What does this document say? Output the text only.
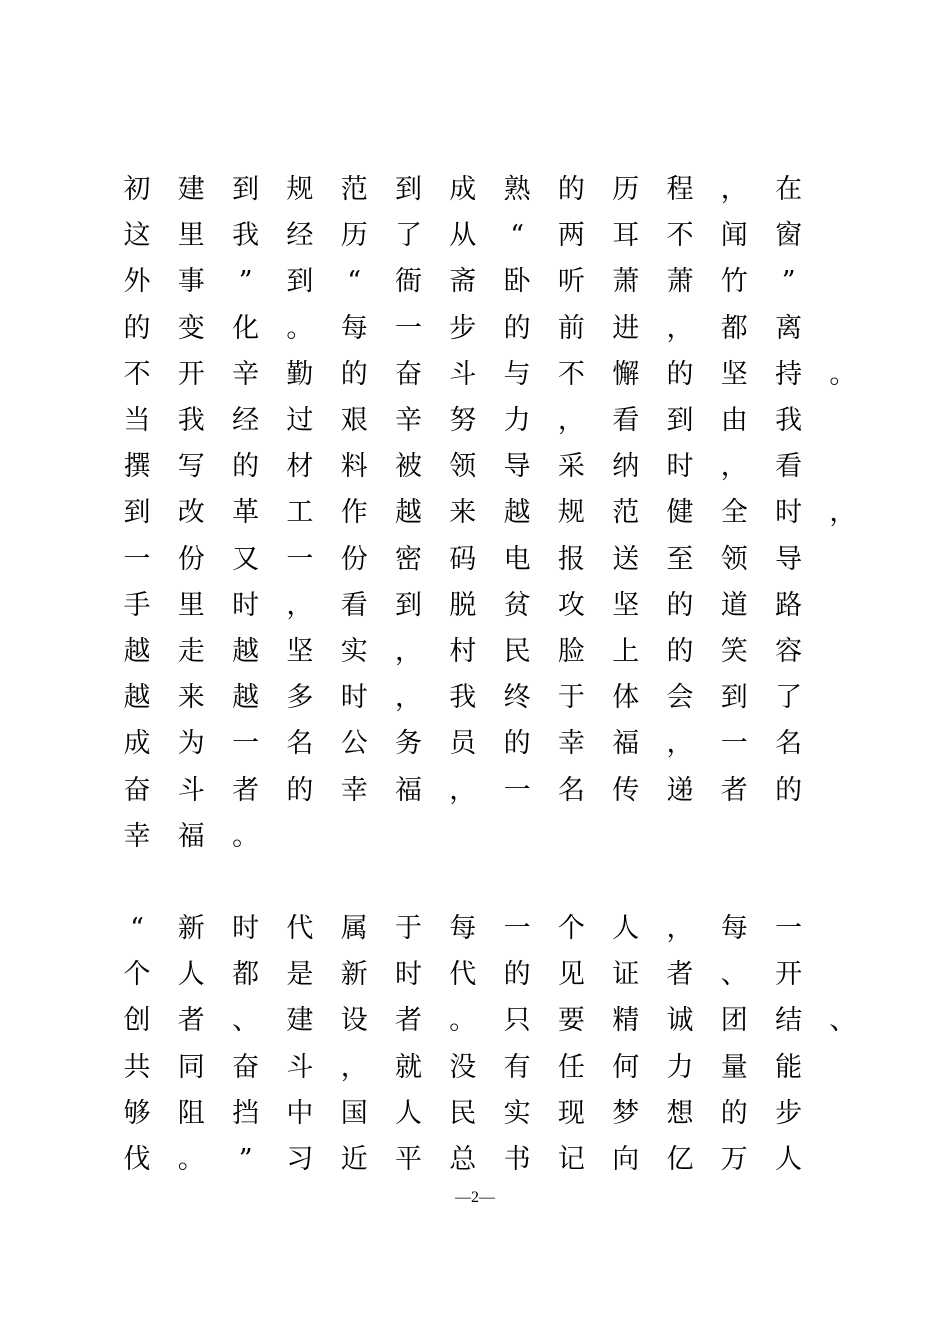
初 建 到 规 范 到 成 熟 的 历 程 ， 在
这 里 我 经 历 了 从	“	两 耳 不 闻 窗
外 事	”	到	“	衙 斋 卧 听 萧 萧 竹	”
的 变 化 。 每 一 步 的 前 进 ， 都 离
不 开 辛 勤 的 奋 斗 与 不 懈 的 坚 持 。
当 我 经 过 艰 辛 努 力 ， 看 到 由 我
撰 写 的 材 料 被 领 导 采 纳 时 ， 看
到 改 革 工 作 越 来 越 规 范 健 全 时 ，
一 份 又 一 份 密 码 电 报 送 至 领 导
手 里 时 ， 看 到 脱 贫 攻 坚 的 道 路
越 走 越 坚 实 ， 村 民 脸 上 的 笑 容
越 来 越 多 时 ， 我 终 于 体 会 到 了
成 为 一 名 公 务 员 的 幸 福 ， 一 名
奋 斗 者 的 幸 福 ， 一 名 传 递 者 的
幸 福 。
“	新 时 代 属 于 每 一 个 人 ， 每 一
个 人 都 是 新 时 代 的 见 证 者 、 开
创 者 、 建 设 者 。 只 要 精 诚 团 结 、
共 同 奋 斗 ， 就 没 有 任 何 力 量 能
够 阻 挡 中 国 人 民 实 现 梦 想 的 步
伐 。	”	习 近 平 总 书 记 向 亿 万 人
—2—
